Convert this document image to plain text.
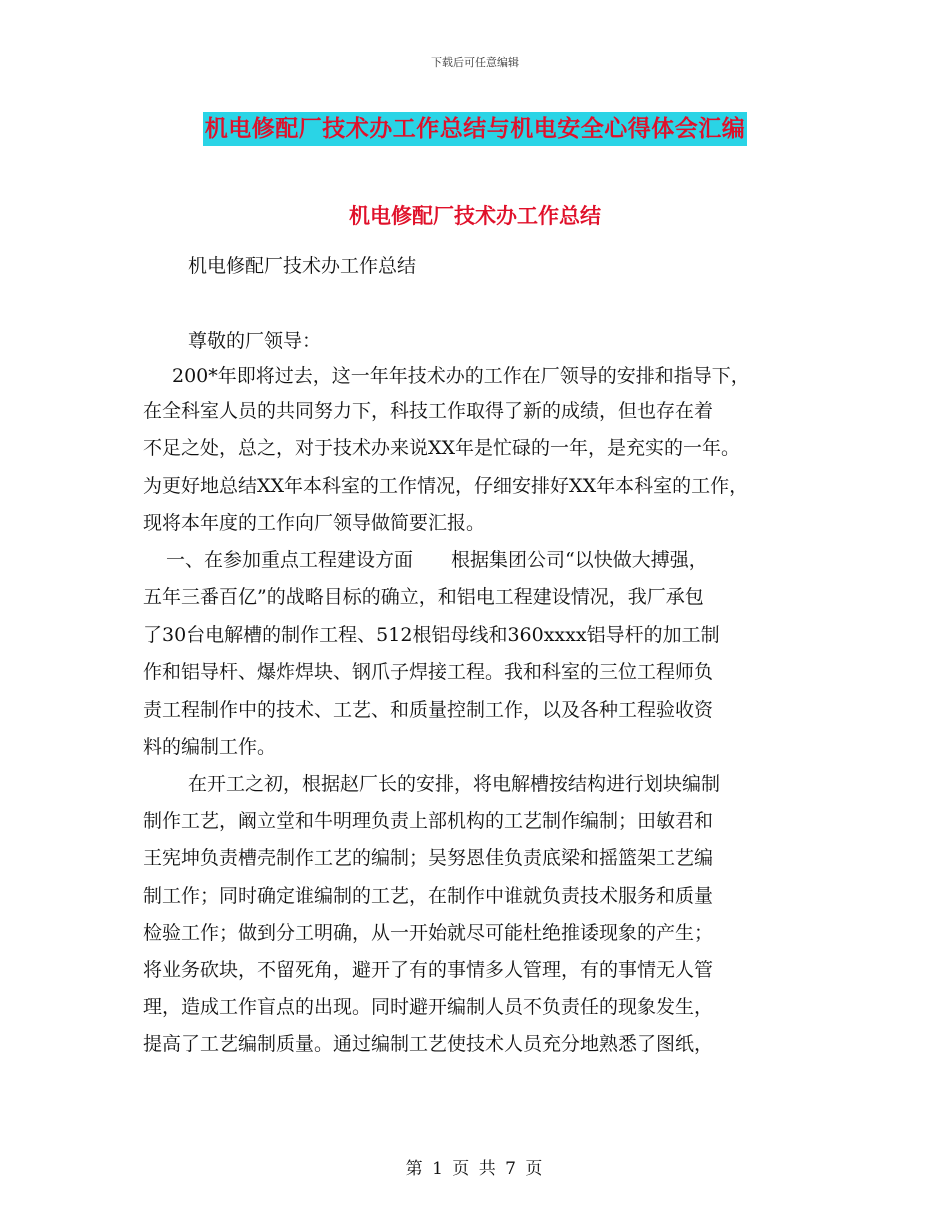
下载后可任意编辑
机电修配厂技术办工作总结与机电安全心得体会汇编
机电修配厂技术办工作总结
机电修配厂技术办工作总结
尊敬的厂领导：
200*年即将过去，这一年年技术办的工作在厂领导的安排和指导下，
在全科室人员的共同努力下，科技工作取得了新的成绩，但也存在着
不足之处，总之，对于技术办来说XX年是忙碌的一年，是充实的一年。
为更好地总结XX年本科室的工作情况，仔细安排好XX年本科室的工作，
现将本年度的工作向厂领导做简要汇报。
一、在参加重点工程建设方面　　根据集团公司“以快做大搏强，
五年三番百亿”的战略目标的确立，和铝电工程建设情况，我厂承包
了30台电解槽的制作工程、512根铝母线和360xxxx铝导杆的加工制
作和铝导杆、爆炸焊块、钢爪子焊接工程。我和科室的三位工程师负
责工程制作中的技术、工艺、和质量控制工作，以及各种工程验收资
料的编制工作。
在开工之初，根据赵厂长的安排，将电解槽按结构进行划块编制
制作工艺，阚立堂和牛明理负责上部机构的工艺制作编制；田敏君和
王宪坤负责槽壳制作工艺的编制；吴努恩佳负责底梁和摇篮架工艺编
制工作；同时确定谁编制的工艺，在制作中谁就负责技术服务和质量
检验工作；做到分工明确，从一开始就尽可能杜绝推诿现象的产生；
将业务砍块，不留死角，避开了有的事情多人管理，有的事情无人管
理，造成工作盲点的出现。同时避开编制人员不负责任的现象发生，
提高了工艺编制质量。通过编制工艺使技术人员充分地熟悉了图纸，
第 1 页 共 7 页
